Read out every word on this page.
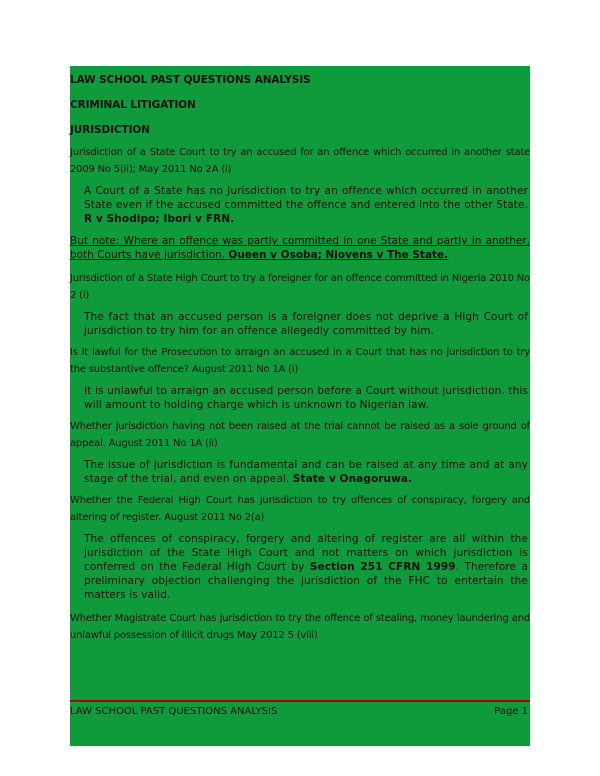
LAW SCHOOL PAST QUESTIONS ANALYSIS

CRIMINAL LITIGATION

JURISDICTION

Jurisdiction of a State Court to try an accused for an offence which occurred in another state 2009 No 5(ii); May 2011 No 2A (i)

A Court of a State has no Jurisdiction to try an offence which occurred in another State even if the accused committed the offence and entered into the other State. R v Shodipo; Ibori v FRN.

But note: Where an offence was partly committed in one State and partly in another, both Courts have jurisdiction. Queen v Osoba; Njovens v The State.

Jurisdiction of a State High Court to try a foreigner for an offence committed in Nigeria 2010 No 2 (i)

The fact that an accused person is a foreigner does not deprive a High Court of jurisdiction to try him for an offence allegedly committed by him.

Is it lawful for the Prosecution to arraign an accused in a Court that has no jurisdiction to try the substantive offence? August 2011 No 1A (i)

It is unlawful to arraign an accused person before a Court without jurisdiction. this will amount to holding charge which is unknown to Nigerian law.

Whether jurisdiction having not been raised at the trial cannot be raised as a sole ground of appeal. August 2011 No 1A (ii)

The issue of jurisdiction is fundamental and can be raised at any time and at any stage of the trial, and even on appeal. State v Onagoruwa.

Whether the Federal High Court has jurisdiction to try offences of conspiracy, forgery and altering of register. August 2011 No 2(a)

The offences of conspiracy, forgery and altering of register are all within the jurisdiction of the State High Court and not matters on which jurisdiction is conferred on the Federal High Court by Section 251 CFRN 1999. Therefore a preliminary objection challenging the jurisdiction of the FHC to entertain the matters is valid.

Whether Magistrate Court has jurisdiction to try the offence of stealing, money laundering and unlawful possession of illicit drugs May 2012 5 (viii)

LAW SCHOOL PAST QUESTIONS ANALYSIS	Page 1
